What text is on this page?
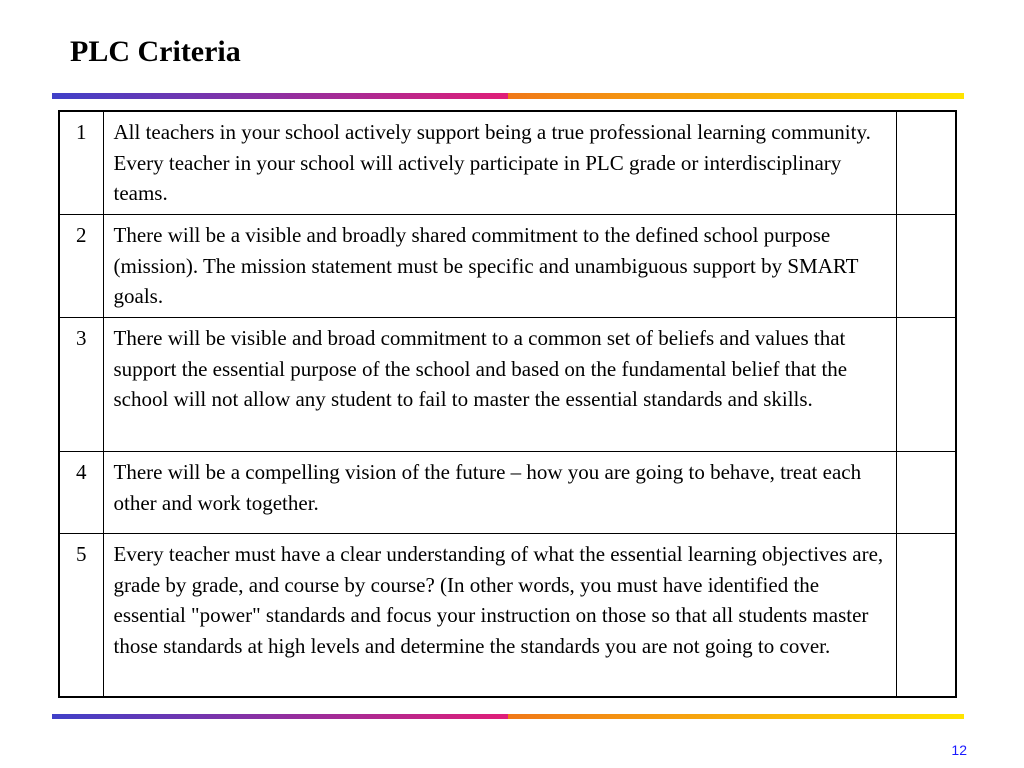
PLC Criteria
1	All teachers in your school actively support being a true professional learning community. Every teacher in your school will actively participate in PLC grade or interdisciplinary teams.	
2	There will be a visible and broadly shared commitment to the defined school purpose (mission). The mission statement must be specific and unambiguous support by SMART goals.	
3	There will be visible and broad commitment to a common set of beliefs and values that support the essential purpose of the school and based on the fundamental belief that the school will not allow any student to fail to master the essential standards and skills.	
4	There will be a compelling vision of the future – how you are going to behave, treat each other and work together.	
5	Every teacher must have a clear understanding of what the essential learning objectives are, grade by grade, and course by course? (In other words, you must have identified the essential "power" standards and focus your instruction on those so that all students master those standards at high levels and determine the standards you are not going to cover.	
12
